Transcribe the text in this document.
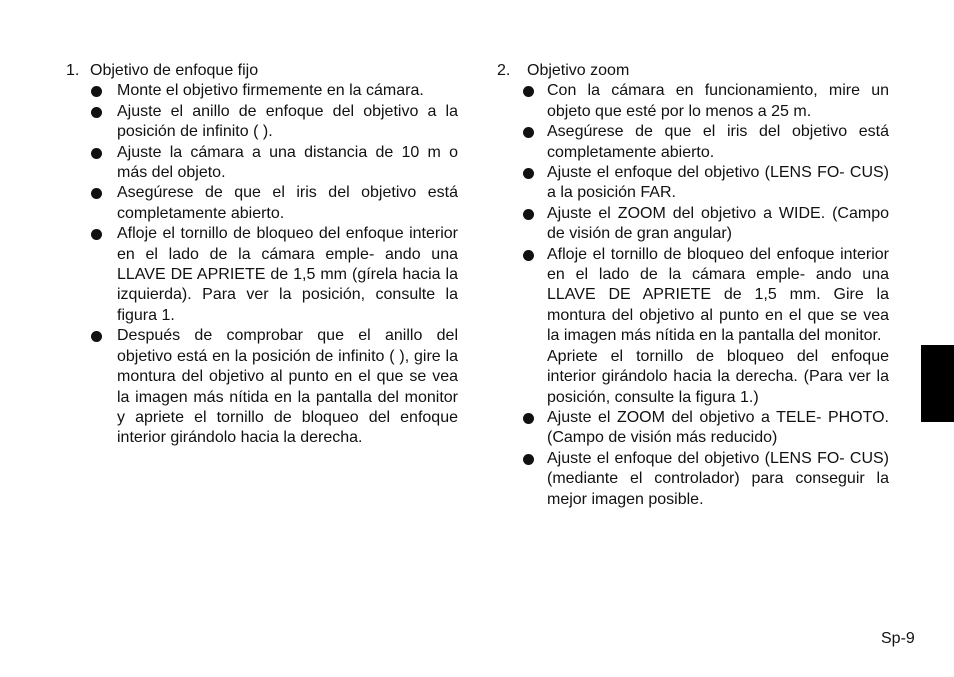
1. Objetivo de enfoque fijo
Monte el objetivo firmemente en la cámara.
Ajuste el anillo de enfoque del objetivo a la posición de infinito ( ).
Ajuste la cámara a una distancia de 10 m o más del objeto.
Asegúrese de que el iris del objetivo está completamente abierto.
Afloje el tornillo de bloqueo del enfoque interior en el lado de la cámara emple- ando una LLAVE DE APRIETE de 1,5 mm (gírela hacia la izquierda). Para ver la posición, consulte la figura 1.
Después de comprobar que el anillo del objetivo está en la posición de infinito ( ), gire la montura del objetivo al punto en el que se vea la imagen más nítida en la pantalla del monitor y apriete el tornillo de bloqueo del enfoque interior girándolo hacia la derecha.
2.	Objetivo zoom
Con la cámara en funcionamiento, mire un objeto que esté por lo menos a 25 m.
Asegúrese de que el iris del objetivo está completamente abierto.
Ajuste el enfoque del objetivo (LENS FO- CUS) a la posición FAR.
Ajuste el ZOOM del objetivo a WIDE. (Campo de visión de gran angular)
Afloje el tornillo de bloqueo del enfoque interior en el lado de la cámara emple- ando una LLAVE DE APRIETE de 1,5 mm. Gire la montura del objetivo al punto en el que se vea la imagen más nítida en la pantalla del monitor.
Apriete el tornillo de bloqueo del enfoque interior girándolo hacia la derecha. (Para ver la posición, consulte la figura 1.)
Ajuste el ZOOM del objetivo a TELE- PHOTO. (Campo de visión más reducido)
Ajuste el enfoque del objetivo (LENS FO- CUS) (mediante el controlador) para conseguir la mejor imagen posible.
Sp-9
